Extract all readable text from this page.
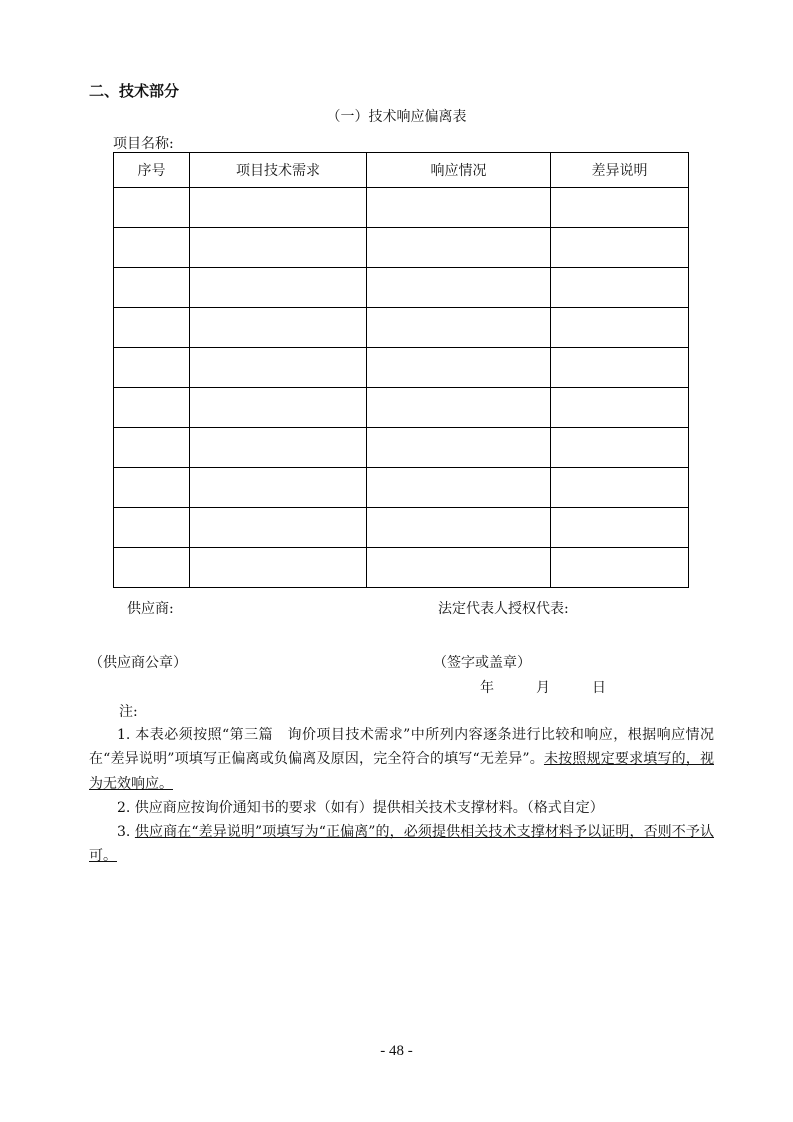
二、技术部分
（一）技术响应偏离表
项目名称:
序号	项目技术需求	响应情况	差异说明

供应商:	法定代表人授权代表:
（供应商公章）	（签字或盖章）
年	月	日
注:

1. 本表必须按照“第三篇　询价项目技术需求”中所列内容逐条进行比较和响应，根据响应情况在“差异说明”项填写正偏离或负偏离及原因，完全符合的填写“无差异”。未按照规定要求填写的，视为无效响应。

2. 供应商应按询价通知书的要求（如有）提供相关技术支撑材料。（格式自定）

3. 供应商在“差异说明”项填写为“正偏离”的，必须提供相关技术支撑材料予以证明，否则不予认可。

- 48 -
